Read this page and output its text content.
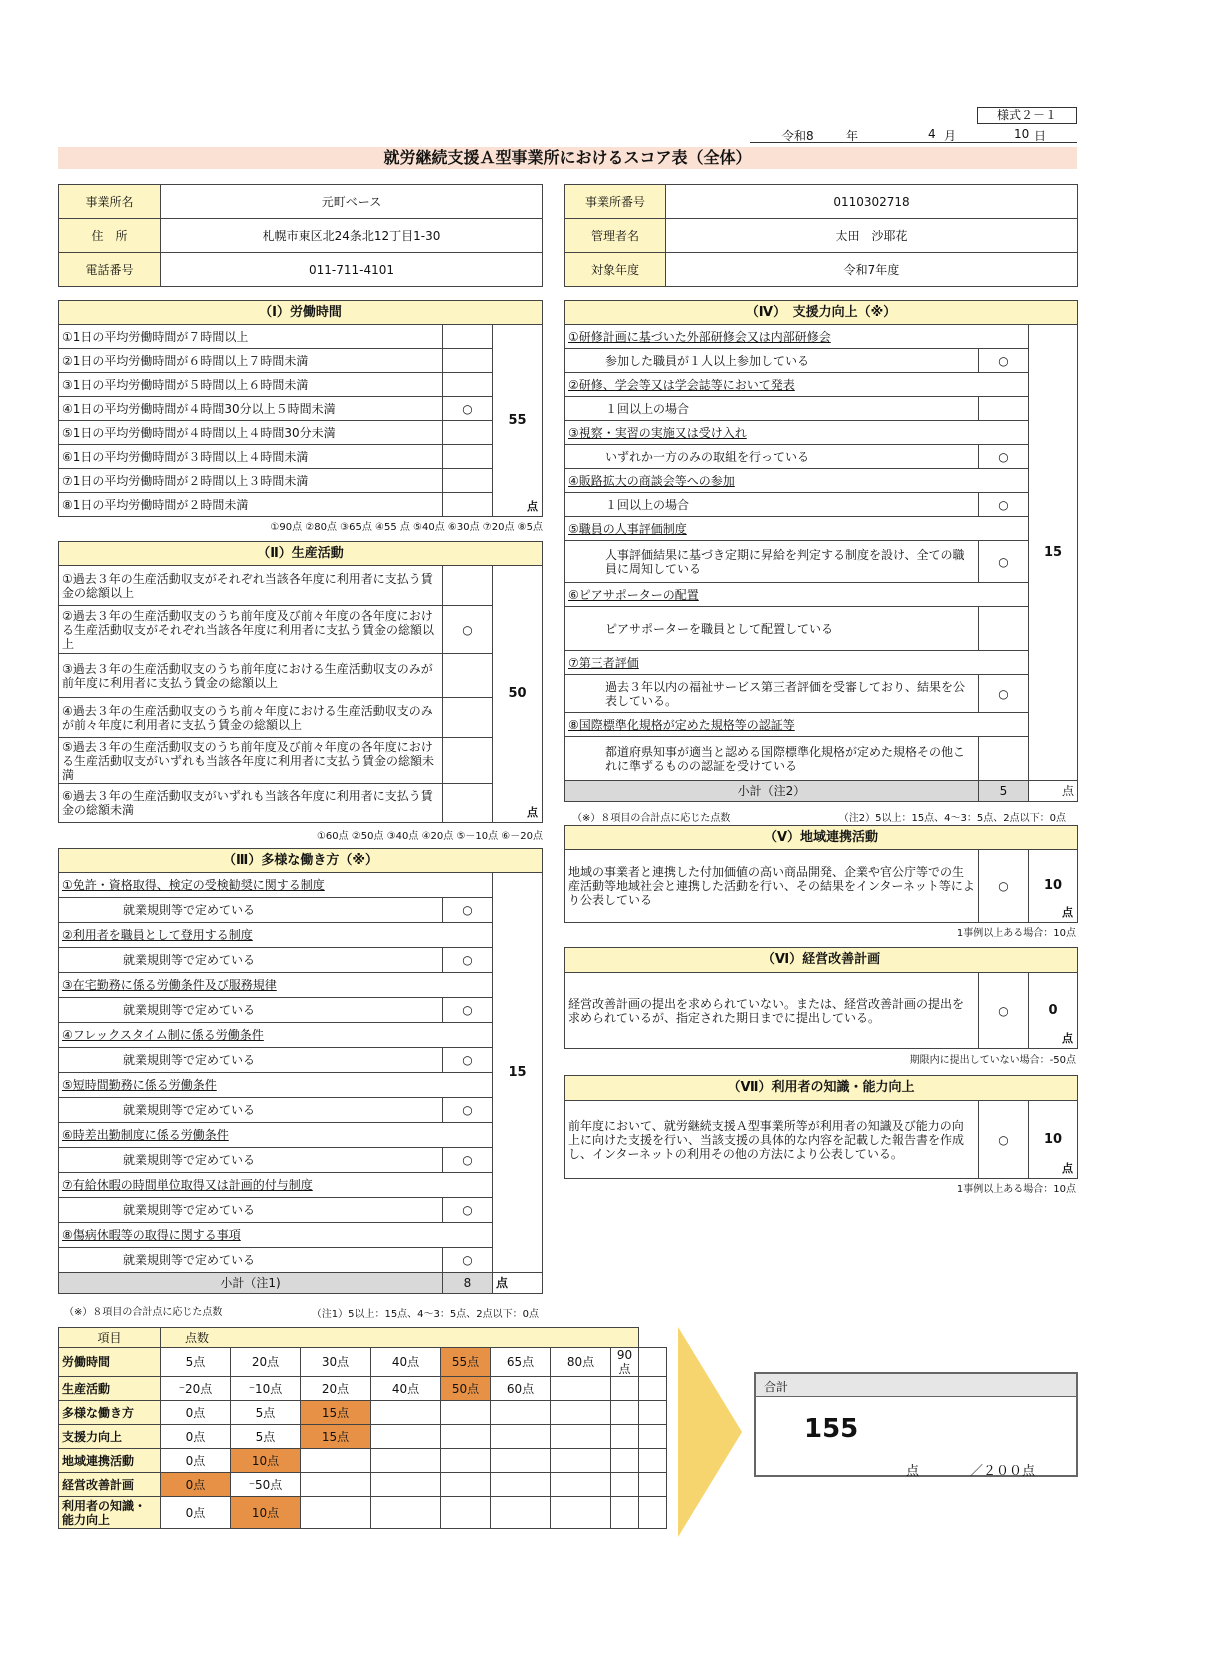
様式２－１
令和8	年	4 月	10 日
就労継続支援Ａ型事業所におけるスコア表（全体）
事業所名	元町ベース
住　所	札幌市東区北24条北12丁目1-30
電話番号	011-711-4101
事業所番号	0110302718
管理者名	太田　沙耶花
対象年度	令和7年度
（Ⅰ）労働時間		
①1日の平均労働時間が７時間以上		55
点

②1日の平均労働時間が６時間以上７時間未満		
③1日の平均労働時間が５時間以上６時間未満		
④1日の平均労働時間が４時間30分以上５時間未満	○	
⑤1日の平均労働時間が４時間以上４時間30分未満		
⑥1日の平均労働時間が３時間以上４時間未満		
⑦1日の平均労働時間が２時間以上３時間未満		
⑧1日の平均労働時間が２時間未満		
①90点 ②80点 ③65点 ④55 点 ⑤40点 ⑥30点 ⑦20点 ⑧5点
（Ⅱ）生産活動		
①過去３年の生産活動収支がそれぞれ当該各年度に利用者に支払う賃金の総額以上		50
点

②過去３年の生産活動収支のうち前年度及び前々年度の各年度における生産活動収支がそれぞれ当該各年度に利用者に支払う賃金の総額以上	○	
③過去３年の生産活動収支のうち前年度における生産活動収支のみが前年度に利用者に支払う賃金の総額以上		
④過去３年の生産活動収支のうち前々年度における生産活動収支のみが前々年度に利用者に支払う賃金の総額以上		
⑤過去３年の生産活動収支のうち前年度及び前々年度の各年度における生産活動収支がいずれも当該各年度に利用者に支払う賃金の総額未満		
⑥過去３年の生産活動収支がいずれも当該各年度に利用者に支払う賃金の総額未満		
①60点 ②50点 ③40点 ④20点 ⑤－10点 ⑥－20点
（Ⅲ）多様な働き方（※）		
①免許・資格取得、検定の受検勧奨に関する制度		15
就業規則等で定めている	○	
②利用者を職員として登用する制度		
就業規則等で定めている	○	
③在宅勤務に係る労働条件及び服務規律		
就業規則等で定めている	○	
④フレックスタイム制に係る労働条件		
就業規則等で定めている	○	
⑤短時間勤務に係る労働条件		
就業規則等で定めている	○	
⑥時差出勤制度に係る労働条件		
就業規則等で定めている	○	
⑦有給休暇の時間単位取得又は計画的付与制度		
就業規則等で定めている	○	
⑧傷病休暇等の取得に関する事項		
就業規則等で定めている	○	
小計（注1)	8	点
（※）８項目の合計点に応じた点数	（注1）5以上：15点、4～3：5点、2点以下：0点
（Ⅳ）　支援力向上（※）		
①研修計画に基づいた外部研修会又は内部研修会		15
参加した職員が１人以上参加している	○	
②研修、学会等又は学会誌等において発表		
１回以上の場合		
③視察・実習の実施又は受け入れ		
いずれか一方のみの取組を行っている	○	
④販路拡大の商談会等への参加		
１回以上の場合	○	
⑤職員の人事評価制度		
人事評価結果に基づき定期に昇給を判定する制度を設け、全ての職員に周知している	○	
⑥ピアサポーターの配置		
ピアサポーターを職員として配置している		
⑦第三者評価		
過去３年以内の福祉サービス第三者評価を受審しており、結果を公表している。	○	
⑧国際標準化規格が定めた規格等の認証等		
都道府県知事が適当と認める国際標準化規格が定めた規格その他これに準ずるものの認証を受けている		
小計（注2）	5	点
（※）８項目の合計点に応じた点数	（注2）5以上：15点、4～3：5点、2点以下：0点
（Ⅴ）地域連携活動
地域の事業者と連携した付加価値の高い商品開発、企業や官公庁等での生産活動等地域社会と連携した活動を行い、その結果をインターネット等により公表している	○	10
点
1事例以上ある場合：10点
（Ⅵ）経営改善計画
経営改善計画の提出を求められていない。または、経営改善計画の提出を求められているが、指定された期日までに提出している。	○	0
点
期限内に提出していない場合：-50点
（Ⅶ）利用者の知識・能力向上
前年度において、就労継続支援Ａ型事業所等が利用者の知識及び能力の向上に向けた支援を行い、当該支援の具体的な内容を記載した報告書を作成し、インターネットの利用その他の方法により公表している。	○	10
点
1事例以上ある場合：10点
項目	点数								
労働時間	5点	20点	30点	40点	55点	65点	80点	90点	
生産活動	⁻20点	⁻10点	20点	40点	50点	60点			
多様な働き方	0点	5点	15点						
支援力向上	0点	5点	15点						
地域連携活動	0点	10点							
経営改善計画	0点	⁻50点							
利用者の知識・能力向上	0点	10点							
合計
155
点	／２００点
